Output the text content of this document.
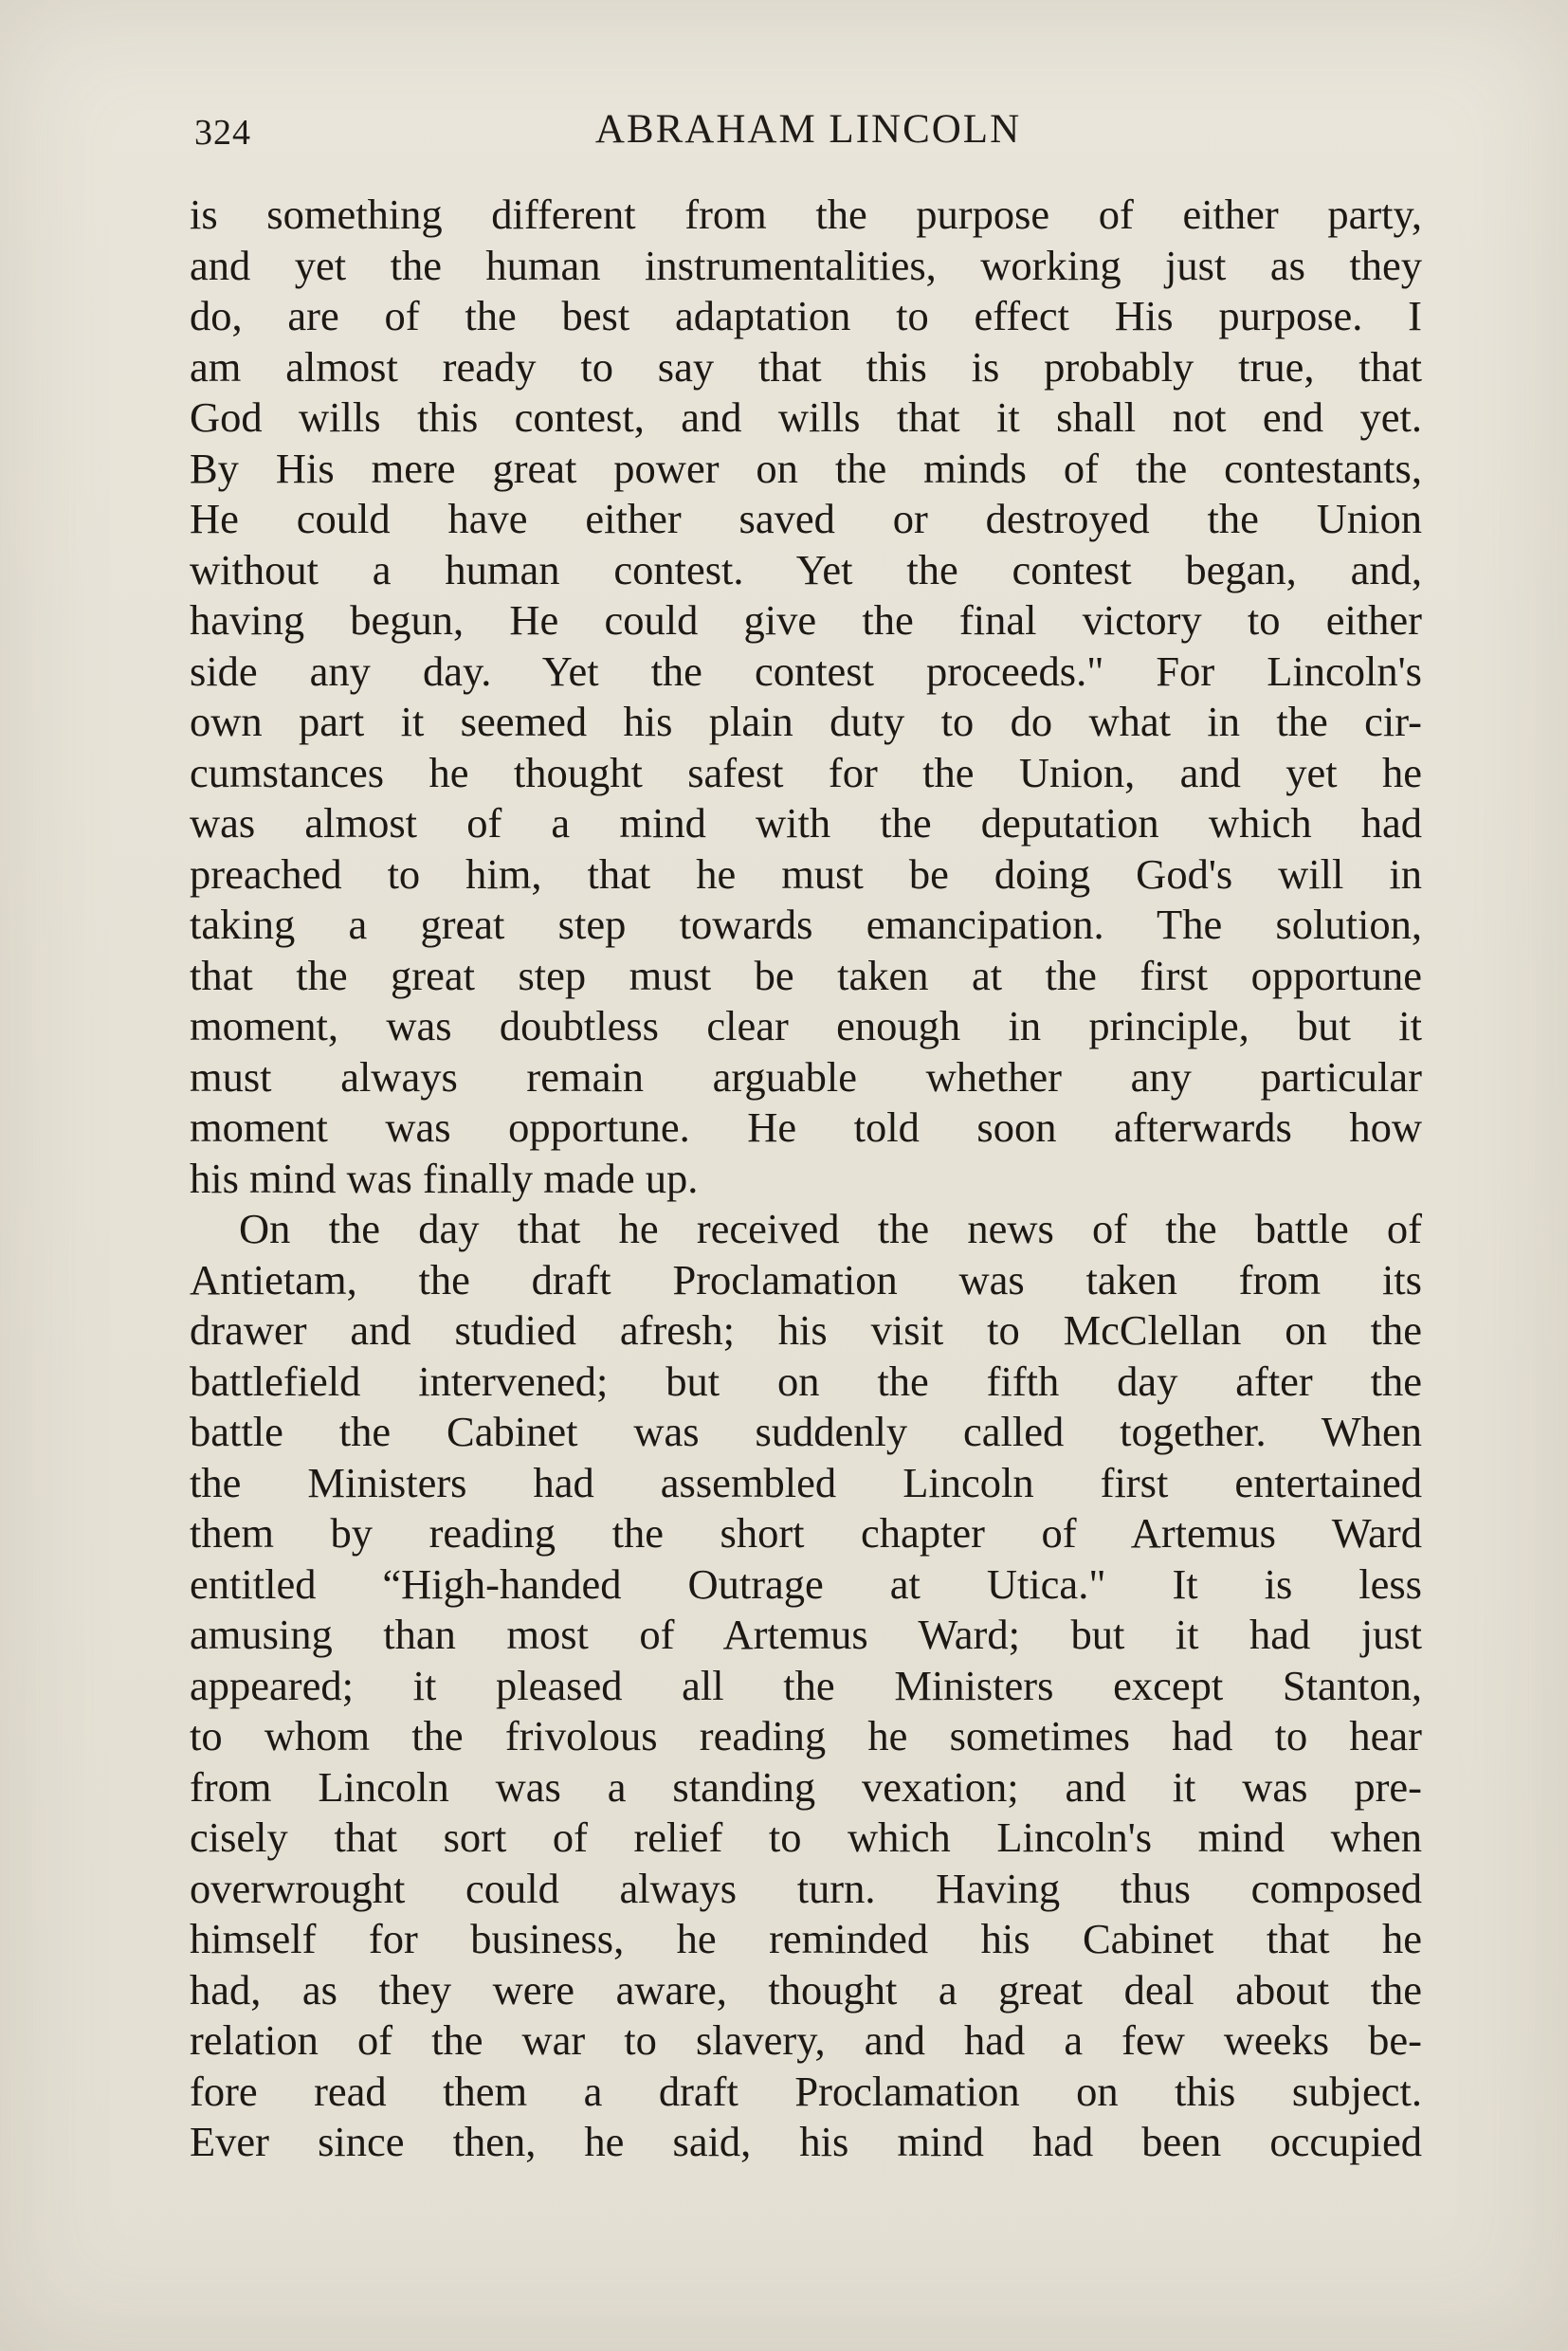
324	ABRAHAM LINCOLN
is something different from the purpose of either party,
and yet the human instrumentalities, working just as they
do, are of the best adaptation to effect His purpose. I
am almost ready to say that this is probably true, that
God wills this contest, and wills that it shall not end yet.
By His mere great power on the minds of the contestants,
He could have either saved or destroyed the Union
without a human contest. Yet the contest began, and,
having begun, He could give the final victory to either
side any day. Yet the contest proceeds." For Lincoln's
own part it seemed his plain duty to do what in the cir-
cumstances he thought safest for the Union, and yet he
was almost of a mind with the deputation which had
preached to him, that he must be doing God's will in
taking a great step towards emancipation. The solution,
that the great step must be taken at the first opportune
moment, was doubtless clear enough in principle, but it
must always remain arguable whether any particular
moment was opportune. He told soon afterwards how
his mind was finally made up.
On the day that he received the news of the battle of
Antietam, the draft Proclamation was taken from its
drawer and studied afresh; his visit to McClellan on the
battlefield intervened; but on the fifth day after the
battle the Cabinet was suddenly called together. When
the Ministers had assembled Lincoln first entertained
them by reading the short chapter of Artemus Ward
entitled “High-handed Outrage at Utica." It is less
amusing than most of Artemus Ward; but it had just
appeared; it pleased all the Ministers except Stanton,
to whom the frivolous reading he sometimes had to hear
from Lincoln was a standing vexation; and it was pre-
cisely that sort of relief to which Lincoln's mind when
overwrought could always turn. Having thus composed
himself for business, he reminded his Cabinet that he
had, as they were aware, thought a great deal about the
relation of the war to slavery, and had a few weeks be-
fore read them a draft Proclamation on this subject.
Ever since then, he said, his mind had been occupied
